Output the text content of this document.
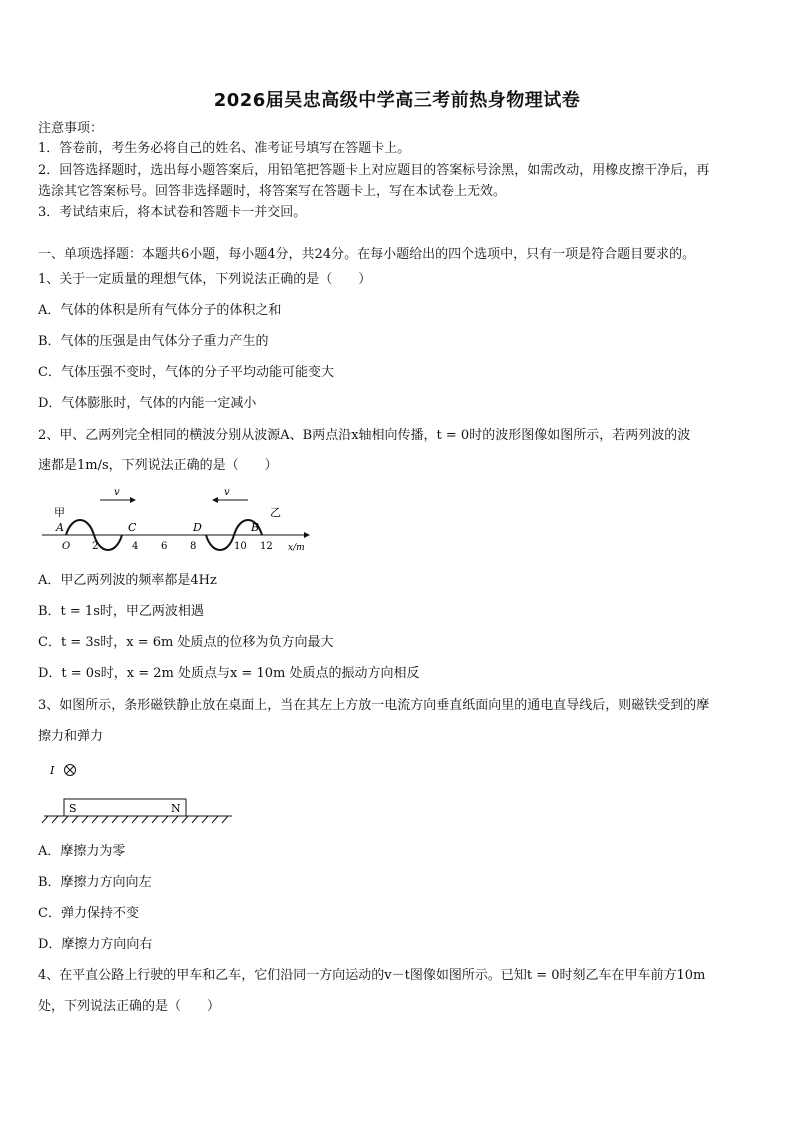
2026届吴忠高级中学高三考前热身物理试卷
注意事项：
1．答卷前，考生务必将自己的姓名、准考证号填写在答题卡上。
2．回答选择题时，选出每小题答案后，用铅笔把答题卡上对应题目的答案标号涂黑，如需改动，用橡皮擦干净后，再
选涂其它答案标号。回答非选择题时，将答案写在答题卡上，写在本试卷上无效。
3．考试结束后，将本试卷和答题卡一并交回。
一、单项选择题：本题共6小题，每小题4分，共24分。在每小题给出的四个选项中，只有一项是符合题目要求的。
1、关于一定质量的理想气体，下列说法正确的是（　　）
A．气体的体积是所有气体分子的体积之和
B．气体的压强是由气体分子重力产生的
C．气体压强不变时，气体的分子平均动能可能变大
D．气体膨胀时，气体的内能一定减小
2、甲、乙两列完全相同的横波分别从波源A、B两点沿x轴相向传播，t = 0时的波形图像如图所示，若两列波的波
速都是1m/s，下列说法正确的是（　　）
甲	乙
v	v
A	C	D	B
O 2	4 6 8	10 12 x/m
A．甲乙两列波的频率都是4Hz
B．t = 1s时，甲乙两波相遇
C．t = 3s时，x = 6m 处质点的位移为负方向最大
D．t = 0s时，x = 2m 处质点与x = 10m 处质点的振动方向相反
3、如图所示，条形磁铁静止放在桌面上，当在其左上方放一电流方向垂直纸面向里的通电直导线后，则磁铁受到的摩
擦力和弹力
I
S	N
A．摩擦力为零
B．摩擦力方向向左
C．弹力保持不变
D．摩擦力方向向右
4、在平直公路上行驶的甲车和乙车，它们沿同一方向运动的v－t图像如图所示。已知t = 0时刻乙车在甲车前方10m
处，下列说法正确的是（　　）
